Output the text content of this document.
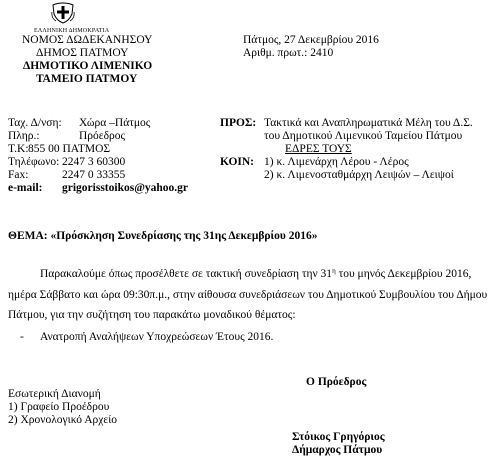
ΕΛΛΗΝΙΚΗ ΔΗΜΟΚΡΑΤΙΑ
ΝΟΜΟΣ ΔΩΔΕΚΑΝΗΣΟΥ
ΔΗΜΟΣ ΠΑΤΜΟΥ
ΔΗΜΟΤΙΚΟ ΛΙΜΕΝΙΚΟ
ΤΑΜΕΙΟ ΠΑΤΜΟΥ
Πάτμος, 27 Δεκεμβρίου 2016
Αριθμ. πρωτ.: 2410
Ταχ. Δ/νση: Χώρα –Πάτμος
Πληρ.:	Πρόεδρος
Τ.Κ: 855 00 ΠΑΤΜΟΣ
Τηλέφωνο: 2247 3 60300
Fax:	2247 0 33355
e-mail: grigorisstoikos@yahoo.gr
ΠΡΟΣ: Τακτικά και Αναπληρωματικά Μέλη του Δ.Σ.
του Δημοτικού Λιμενικού Ταμείου Πάτμου
ΕΔΡΕΣ ΤΟΥΣ
ΚΟΙΝ: 1) κ. Λιμενάρχη Λέρου - Λέρος
2) κ. Λιμενοσταθμάρχη Λειψών – Λειψοί
ΘΕΜΑ: «Πρόσκληση Συνεδρίασης της 31ης Δεκεμβρίου 2016»
Παρακαλούμε όπως προσέλθετε σε τακτική συνεδρίαση την $31^\eta$ του μηνός Δεκεμβρίου 2016,
ημέρα Σάββατο και ώρα 09:30π.μ., στην αίθουσα συνεδριάσεων του Δημοτικού Συμβουλίου του Δήμου
Πάτμου, για την συζήτηση του παρακάτω μοναδικού θέματος:
- Ανατροπή Αναλήψεων Υποχρεώσεων Έτους 2016.
Ο Πρόεδρος
Στόικος Γρηγόριος
Δήμαρχος Πάτμου
Εσωτερική Διανομή
1) Γραφείο Προέδρου
2) Χρονολογικό Αρχείο
